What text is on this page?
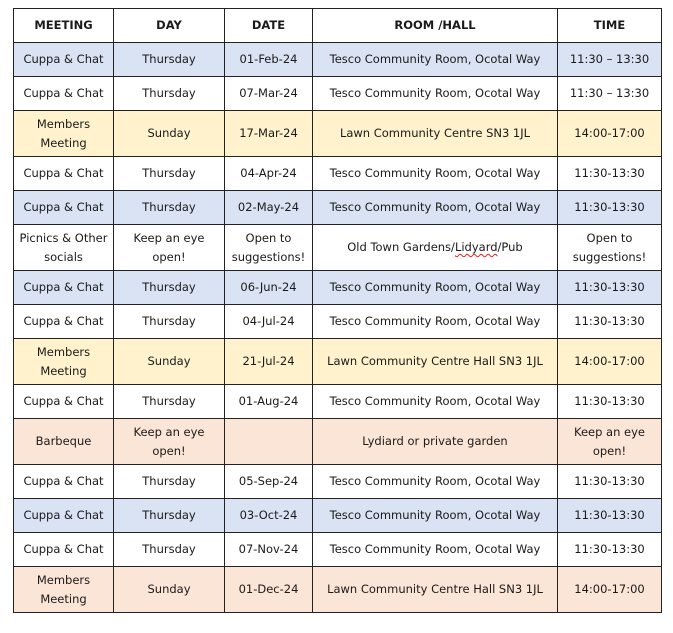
MEETING	DAY	DATE	ROOM /HALL	TIME
Cuppa & Chat	Thursday	01-Feb-24	Tesco Community Room, Ocotal Way	11:30 – 13:30
Cuppa & Chat	Thursday	07-Mar-24	Tesco Community Room, Ocotal Way	11:30 – 13:30
Members Meeting	Sunday	17-Mar-24	Lawn Community Centre SN3 1JL	14:00-17:00
Cuppa & Chat	Thursday	04-Apr-24	Tesco Community Room, Ocotal Way	11:30-13:30
Cuppa & Chat	Thursday	02-May-24	Tesco Community Room, Ocotal Way	11:30-13:30
Picnics & Other socials	Keep an eye open!	Open to suggestions!	Old Town Gardens/Lidyard/Pub	Open to suggestions!
Cuppa & Chat	Thursday	06-Jun-24	Tesco Community Room, Ocotal Way	11:30-13:30
Cuppa & Chat	Thursday	04-Jul-24	Tesco Community Room, Ocotal Way	11:30-13:30
Members Meeting	Sunday	21-Jul-24	Lawn Community Centre Hall SN3 1JL	14:00-17:00
Cuppa & Chat	Thursday	01-Aug-24	Tesco Community Room, Ocotal Way	11:30-13:30
Barbeque	Keep an eye open!		Lydiard or private garden	Keep an eye open!
Cuppa & Chat	Thursday	05-Sep-24	Tesco Community Room, Ocotal Way	11:30-13:30
Cuppa & Chat	Thursday	03-Oct-24	Tesco Community Room, Ocotal Way	11:30-13:30
Cuppa & Chat	Thursday	07-Nov-24	Tesco Community Room, Ocotal Way	11:30-13:30
Members Meeting	Sunday	01-Dec-24	Lawn Community Centre Hall SN3 1JL	14:00-17:00
